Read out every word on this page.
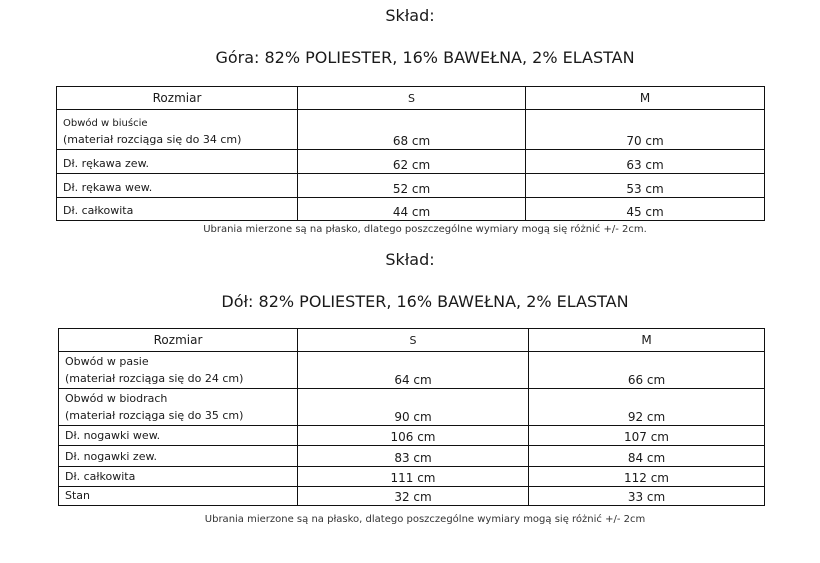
Skład:
Góra: 82% POLIESTER, 16% BAWEŁNA, 2% ELASTAN
Rozmiar	S	M

Obwód w biuście
(materiał rozciąga się do 34 cm)	68 cm	70 cm
Dł. rękawa zew.	62 cm	63 cm
Dł. rękawa wew.	52 cm	53 cm
Dł. całkowita	44 cm	45 cm
Ubrania mierzone są na płasko, dlatego poszczególne wymiary mogą się różnić +/- 2cm.
Skład:
Dół: 82% POLIESTER, 16% BAWEŁNA, 2% ELASTAN
Rozmiar	S	M

Obwód w pasie
(materiał rozciąga się do 24 cm)	64 cm	66 cm

Obwód w biodrach
(materiał rozciąga się do 35 cm)	90 cm	92 cm
Dł. nogawki wew.	106 cm	107 cm
Dł. nogawki zew.	83 cm	84 cm
Dł. całkowita	111 cm	112 cm
Stan	32 cm	33 cm
Ubrania mierzone są na płasko, dlatego poszczególne wymiary mogą się różnić +/- 2cm
